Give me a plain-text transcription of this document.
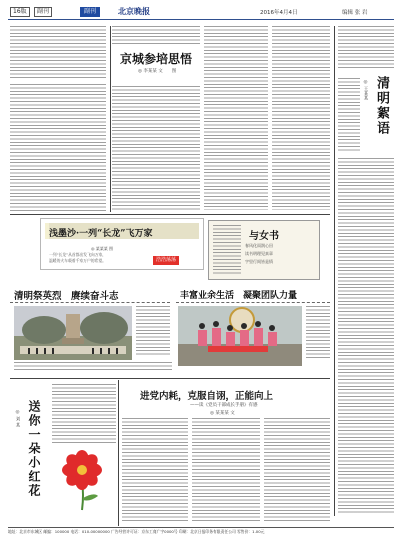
16版	副刊	副刊	北京晚报	2016年4月4日	编辑 张 岩
京城参培思悟
◎ 李某某 文　　图
清明絮语
◎ 王某某
浅墨沙·一列“长龙”飞万家
◎ 某某某 图
一列“长龙”从首都出发飞向万家，
温暖的火车载着千家万户的希望。	浩浩荡荡
与女书
春风化雨润心田
读书明理见真章
字里行间皆是情
清明祭英烈　赓续奋斗志	丰富业余生活　凝聚团队力量
送你一朵小红花
◎ 刘 某
进党内耗，克服自诩，正能向上
——读《党员干部成长手册》有感
◎ 某某某 文
地址：北京市东城区 邮编：100000 电话：010-00000000 广告经营许可证：京东工商广字0000号 印刷：北京日报印务有限责任公司 零售价：1.00元
